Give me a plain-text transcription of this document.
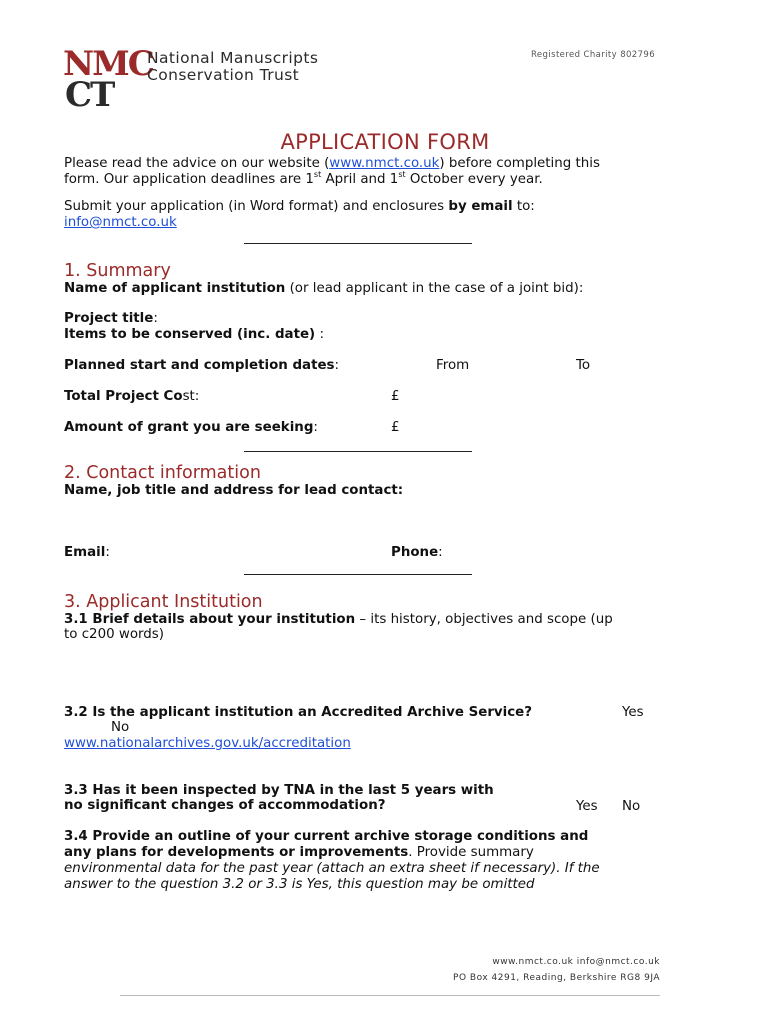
NMC
CT
National Manuscripts
Conservation Trust
Registered Charity 802796
APPLICATION FORM
Please read the advice on our website (www.nmct.co.uk) before completing this
form. Our application deadlines are 1st April and 1st October every year.
Submit your application (in Word format) and enclosures by email to:
info@nmct.co.uk
1. Summary
Name of applicant institution (or lead applicant in the case of a joint bid):
Project title:
Items to be conserved (inc. date) :
Planned start and completion dates:	From	To
Total Project Cost:	£
Amount of grant you are seeking:	£
2. Contact information
Name, job title and address for lead contact:
Email:	Phone:
3. Applicant Institution
3.1 Brief details about your institution – its history, objectives and scope (up
to c200 words)
3.2 Is the applicant institution an Accredited Archive Service?	Yes
No
www.nationalarchives.gov.uk/accreditation
3.3 Has it been inspected by TNA in the last 5 years with
no significant changes of accommodation?	Yes No
3.4 Provide an outline of your current archive storage conditions and
any plans for developments or improvements. Provide summary
environmental data for the past year (attach an extra sheet if necessary). If the
answer to the question 3.2 or 3.3 is Yes, this question may be omitted
www.nmct.co.uk info@nmct.co.uk
PO Box 4291, Reading, Berkshire RG8 9JA
